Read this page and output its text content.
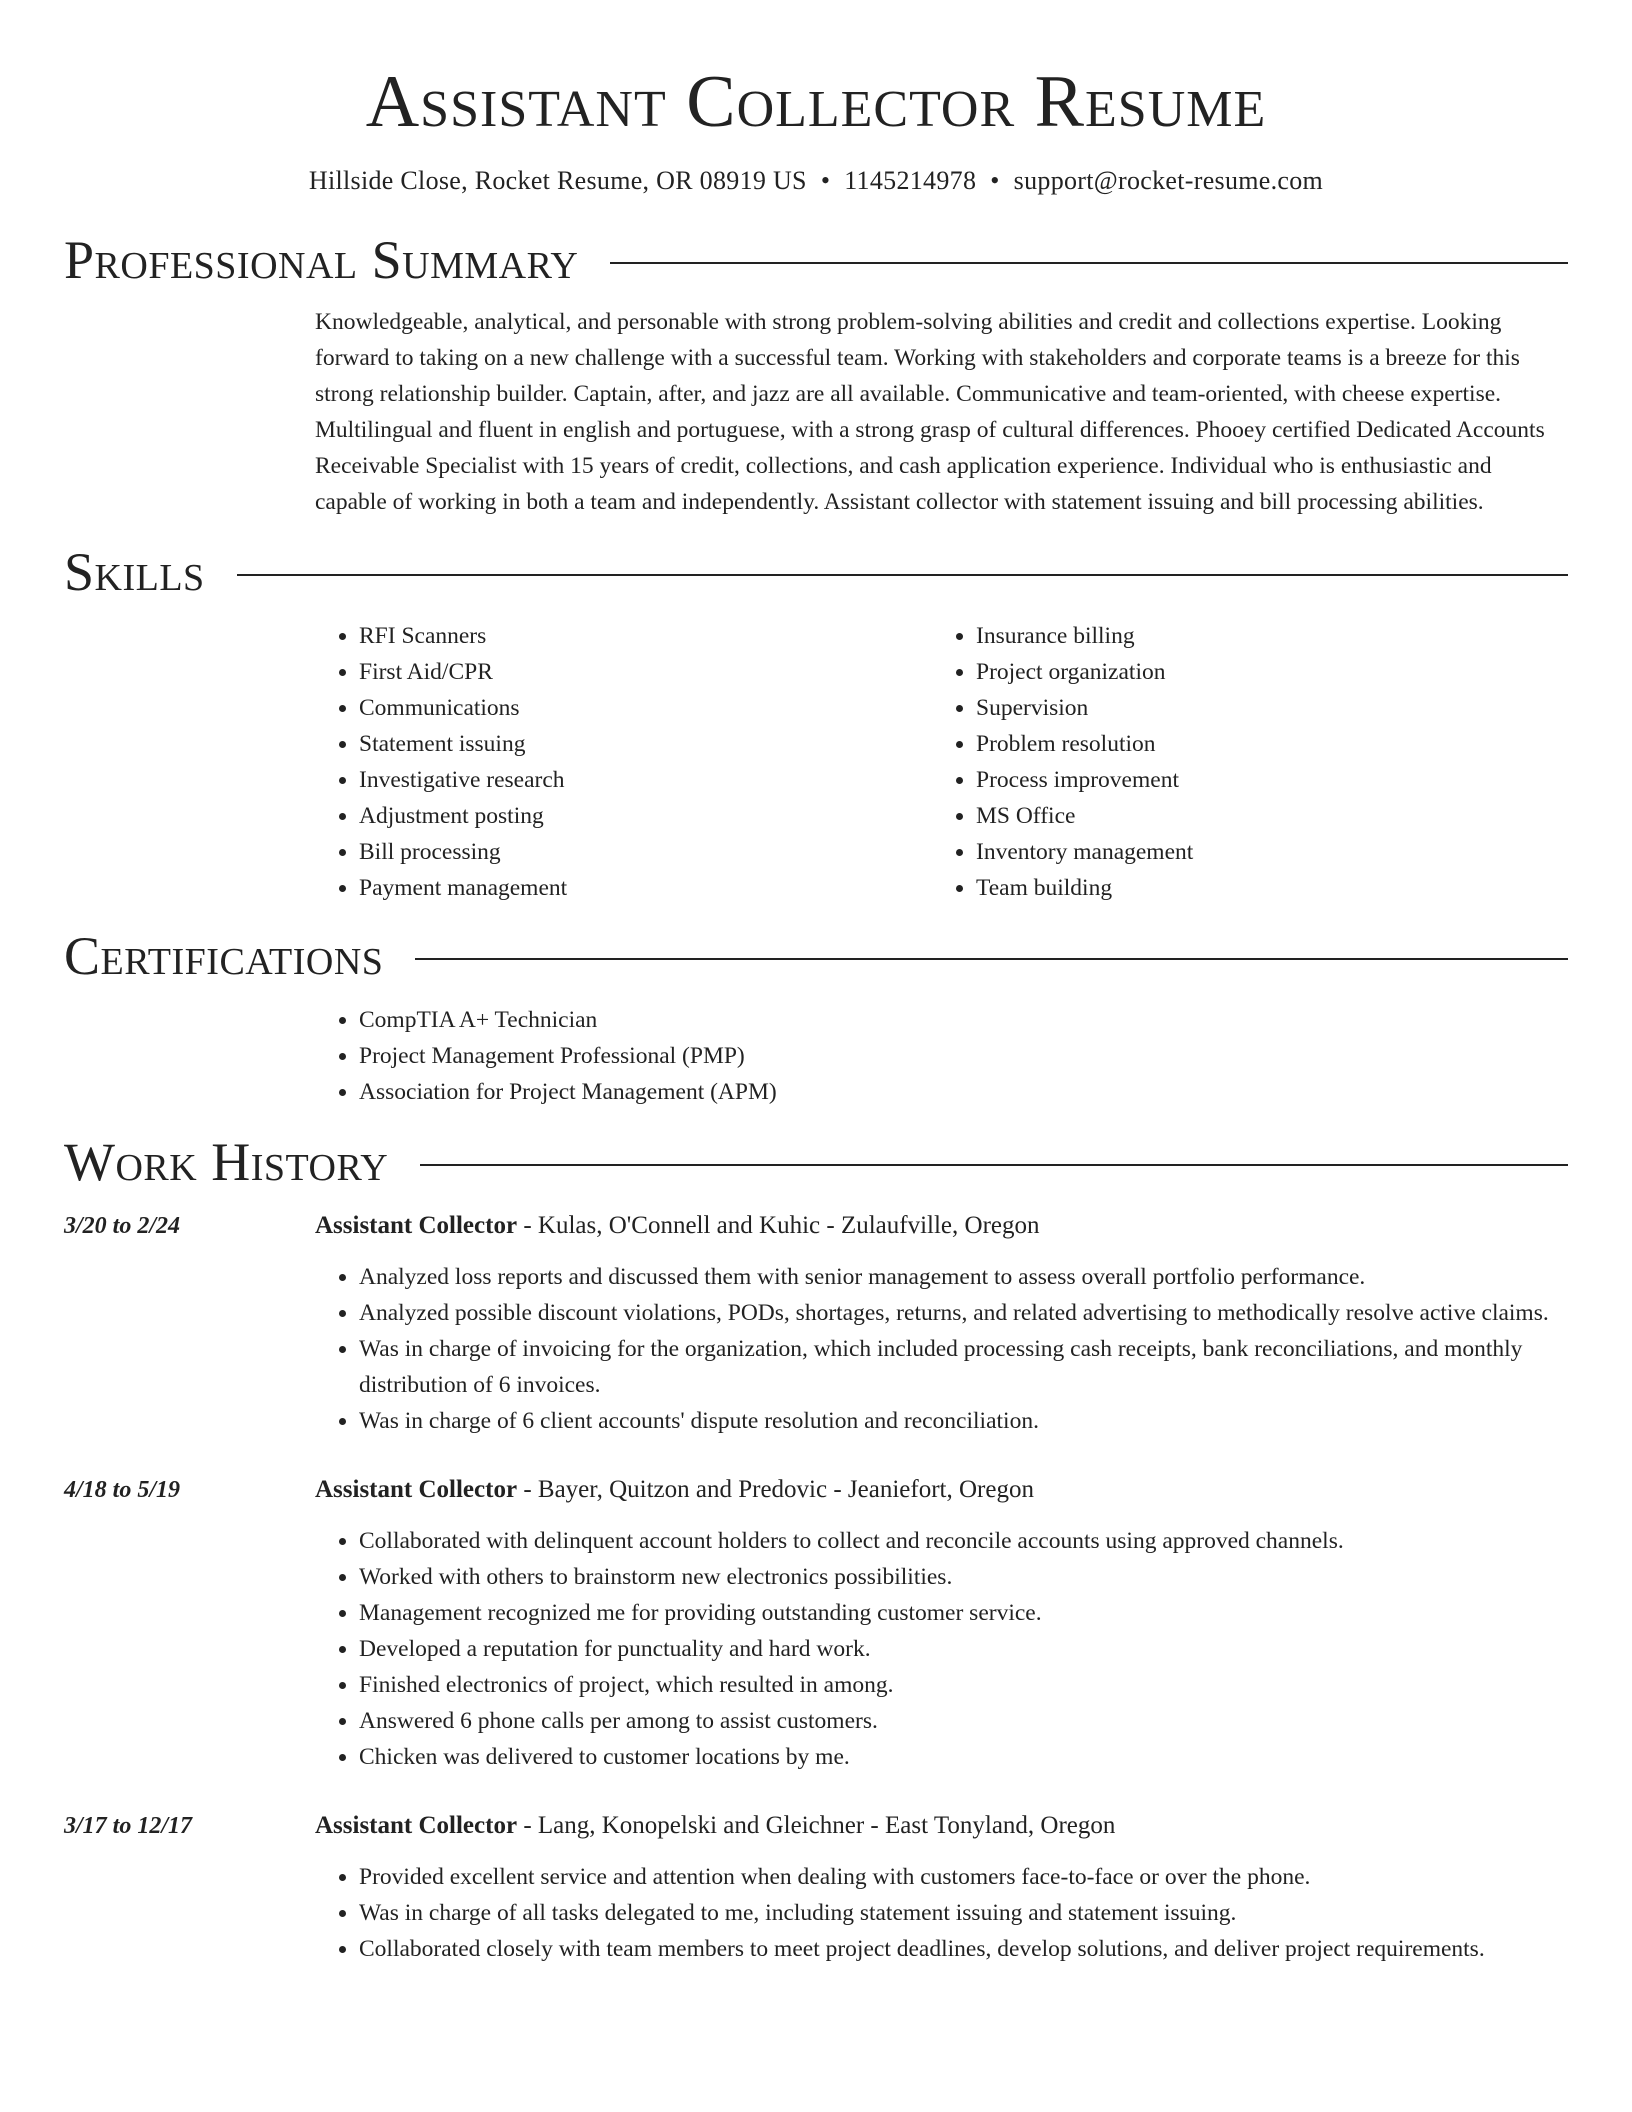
Assistant Collector Resume
Hillside Close, Rocket Resume, OR 08919 US • 1145214978 • support@rocket-resume.com
Professional Summary

Knowledgeable, analytical, and personable with strong problem-solving abilities and credit and collections expertise. Looking forward to taking on a new challenge with a successful team. Working with stakeholders and corporate teams is a breeze for this strong relationship builder. Captain, after, and jazz are all available. Communicative and team-oriented, with cheese expertise. Multilingual and fluent in english and portuguese, with a strong grasp of cultural differences. Phooey certified Dedicated Accounts Receivable Specialist with 15 years of credit, collections, and cash application experience. Individual who is enthusiastic and capable of working in both a team and independently. Assistant collector with statement issuing and bill processing abilities.

Skills
• RFI Scanners
• First Aid/CPR
• Communications
• Statement issuing
• Investigative research
• Adjustment posting
• Bill processing
• Payment management
• Insurance billing
• Project organization
• Supervision
• Problem resolution
• Process improvement
• MS Office
• Inventory management
• Team building
Certifications
• CompTIA A+ Technician
• Project Management Professional (PMP)
• Association for Project Management (APM)
Work History
3/20 to 2/24	Assistant Collector - Kulas, O'Connell and Kuhic - Zulaufville, Oregon
• Analyzed loss reports and discussed them with senior management to assess overall portfolio performance.
• Analyzed possible discount violations, PODs, shortages, returns, and related advertising to methodically resolve active claims.
• Was in charge of invoicing for the organization, which included processing cash receipts, bank reconciliations, and monthly distribution of 6 invoices.
• Was in charge of 6 client accounts' dispute resolution and reconciliation.
4/18 to 5/19	Assistant Collector - Bayer, Quitzon and Predovic - Jeaniefort, Oregon
• Collaborated with delinquent account holders to collect and reconcile accounts using approved channels.
• Worked with others to brainstorm new electronics possibilities.
• Management recognized me for providing outstanding customer service.
• Developed a reputation for punctuality and hard work.
• Finished electronics of project, which resulted in among.
• Answered 6 phone calls per among to assist customers.
• Chicken was delivered to customer locations by me.
3/17 to 12/17	Assistant Collector - Lang, Konopelski and Gleichner - East Tonyland, Oregon
• Provided excellent service and attention when dealing with customers face-to-face or over the phone.
• Was in charge of all tasks delegated to me, including statement issuing and statement issuing.
• Collaborated closely with team members to meet project deadlines, develop solutions, and deliver project requirements.
